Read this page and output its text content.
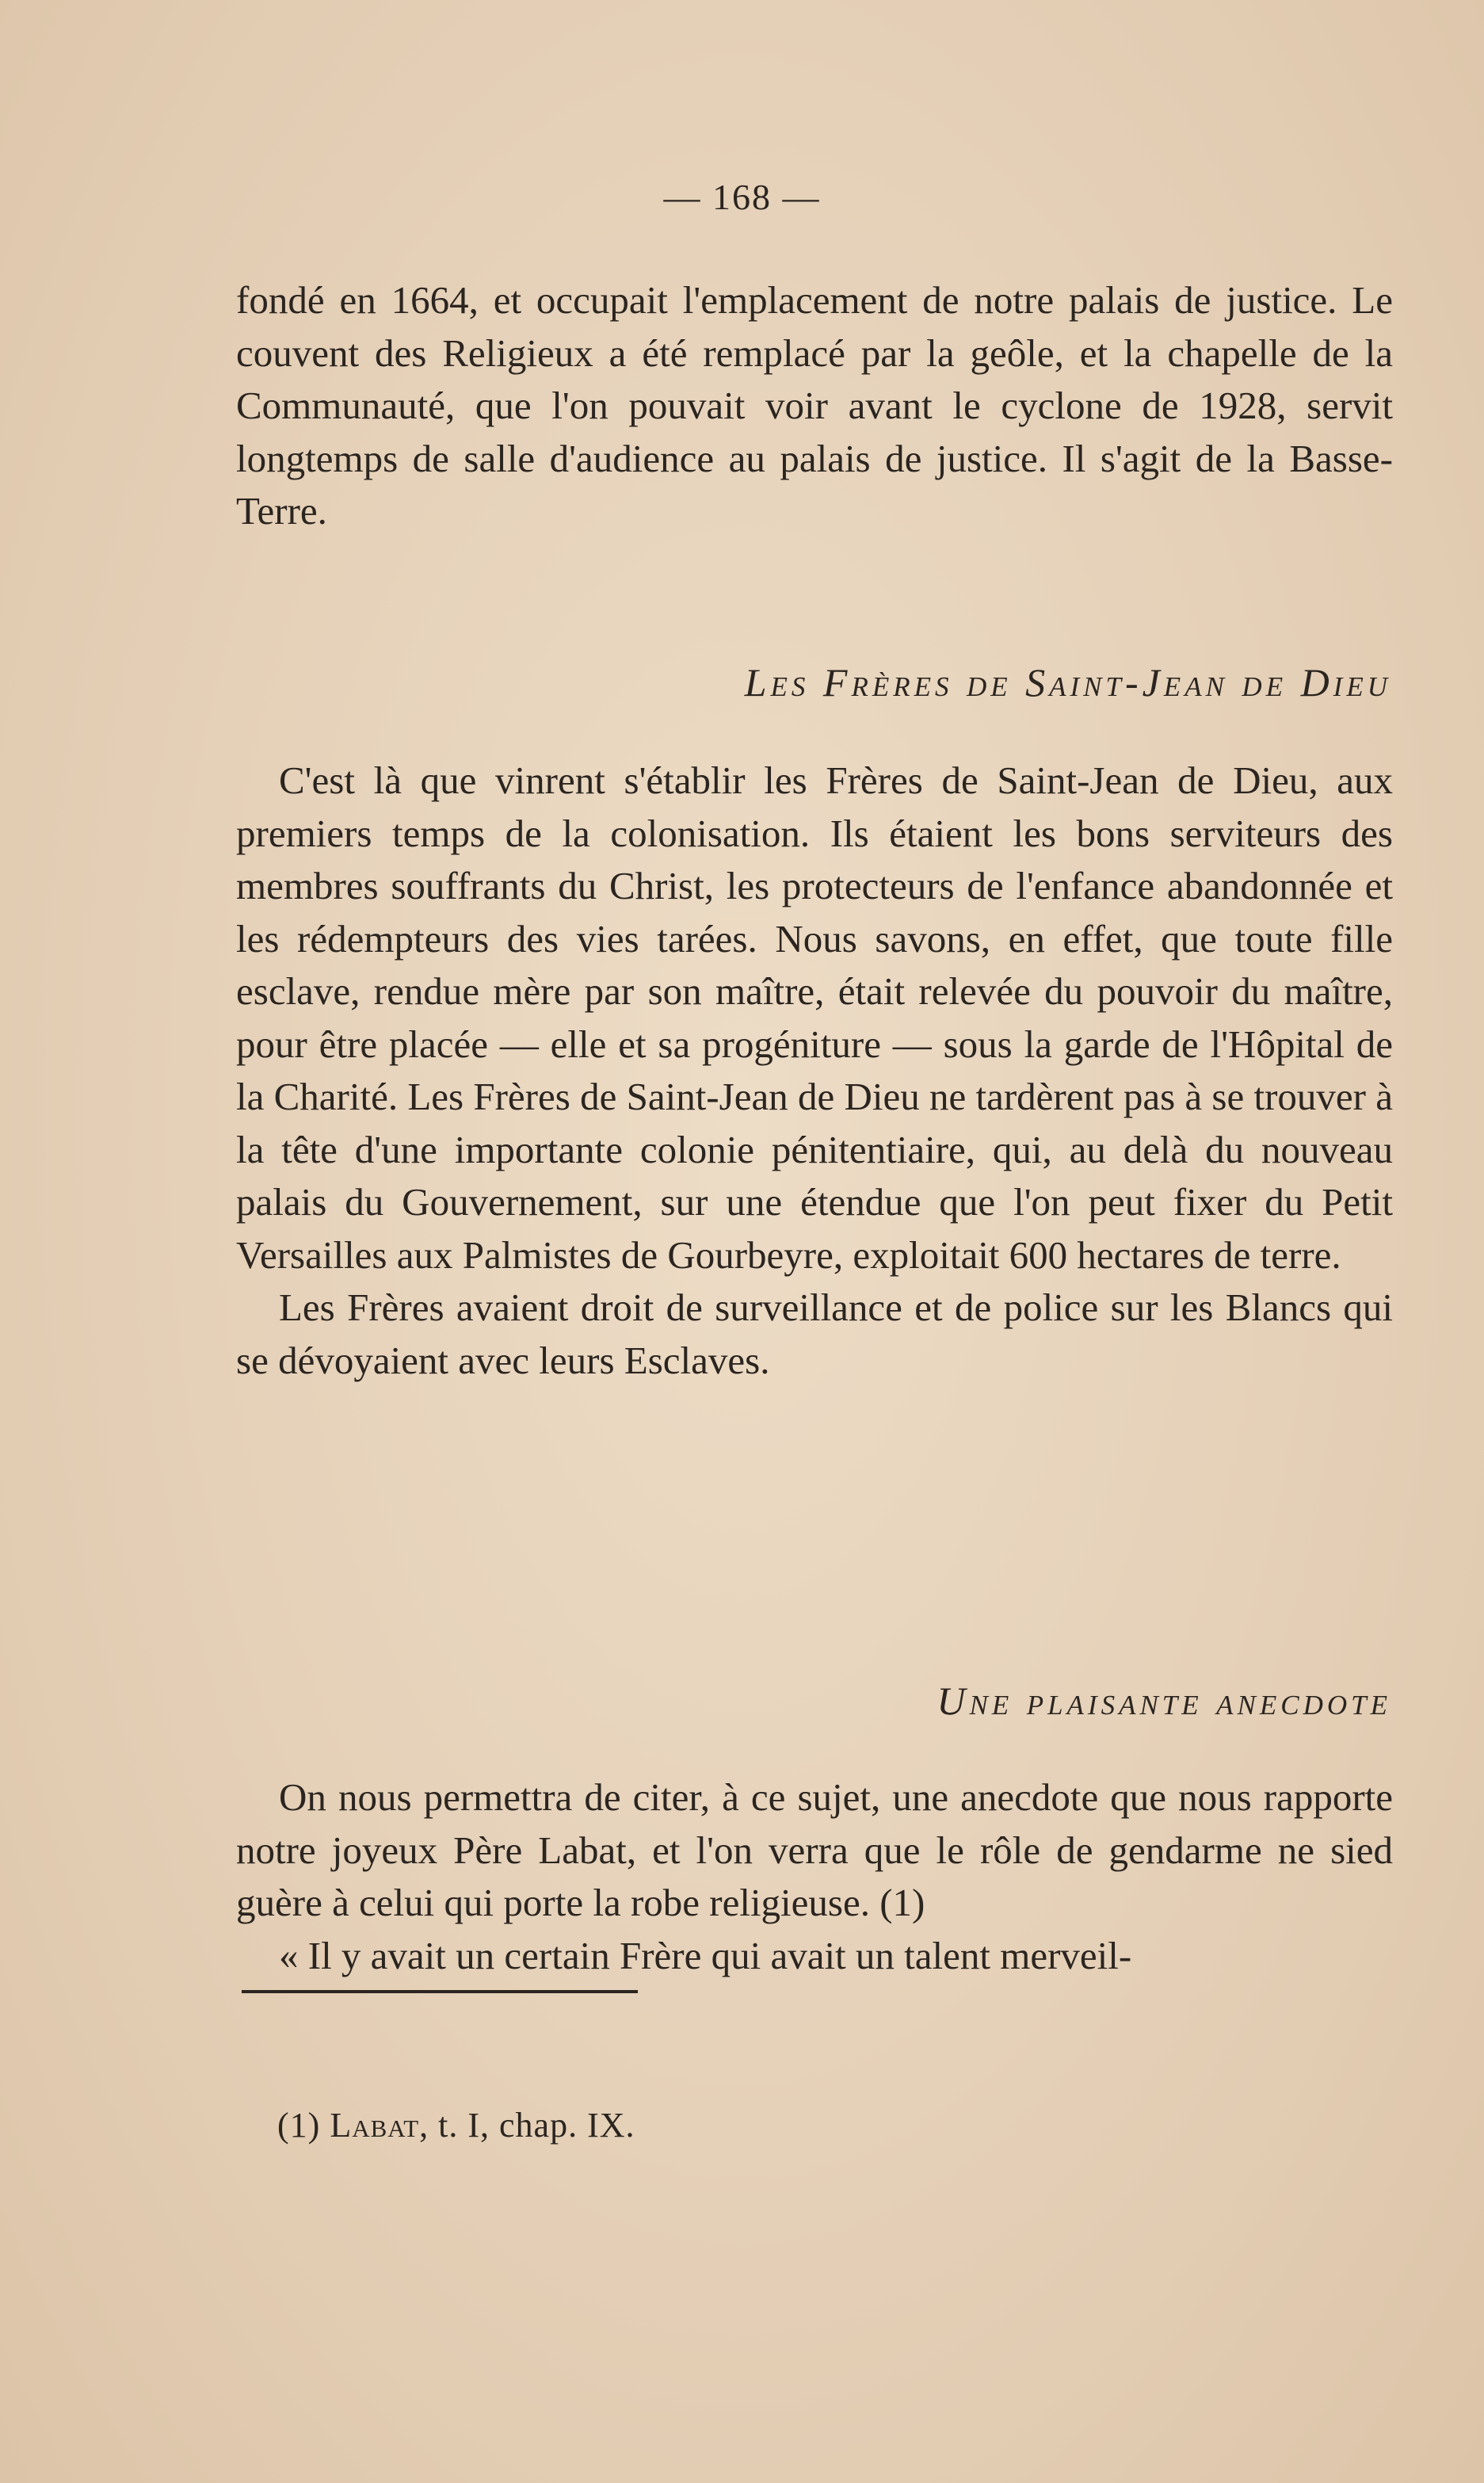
— 168 —

fondé en 1664, et occupait l'emplacement de notre palais de justice. Le couvent des Religieux a été remplacé par la geôle, et la chapelle de la Communauté, que l'on pouvait voir avant le cyclone de 1928, servit longtemps de salle d'audience au palais de justice. Il s'agit de la Basse-Terre.

Les Frères de Saint-Jean de Dieu

C'est là que vinrent s'établir les Frères de Saint-Jean de Dieu, aux premiers temps de la colonisation. Ils étaient les bons serviteurs des membres souffrants du Christ, les protecteurs de l'enfance abandonnée et les rédempteurs des vies tarées. Nous savons, en effet, que toute fille esclave, rendue mère par son maître, était relevée du pouvoir du maître, pour être placée — elle et sa progéniture — sous la garde de l'Hôpital de la Charité. Les Frères de Saint-Jean de Dieu ne tardèrent pas à se trouver à la tête d'une importante colonie pénitentiaire, qui, au delà du nouveau palais du Gouvernement, sur une étendue que l'on peut fixer du Petit Versailles aux Palmistes de Gourbeyre, exploitait 600 hectares de terre.

Les Frères avaient droit de surveillance et de police sur les Blancs qui se dévoyaient avec leurs Esclaves.

Une plaisante anecdote

On nous permettra de citer, à ce sujet, une anecdote que nous rapporte notre joyeux Père Labat, et l'on verra que le rôle de gendarme ne sied guère à celui qui porte la robe religieuse. (1)

« Il y avait un certain Frère qui avait un talent merveil-

(1) Labat, t. I, chap. IX.
